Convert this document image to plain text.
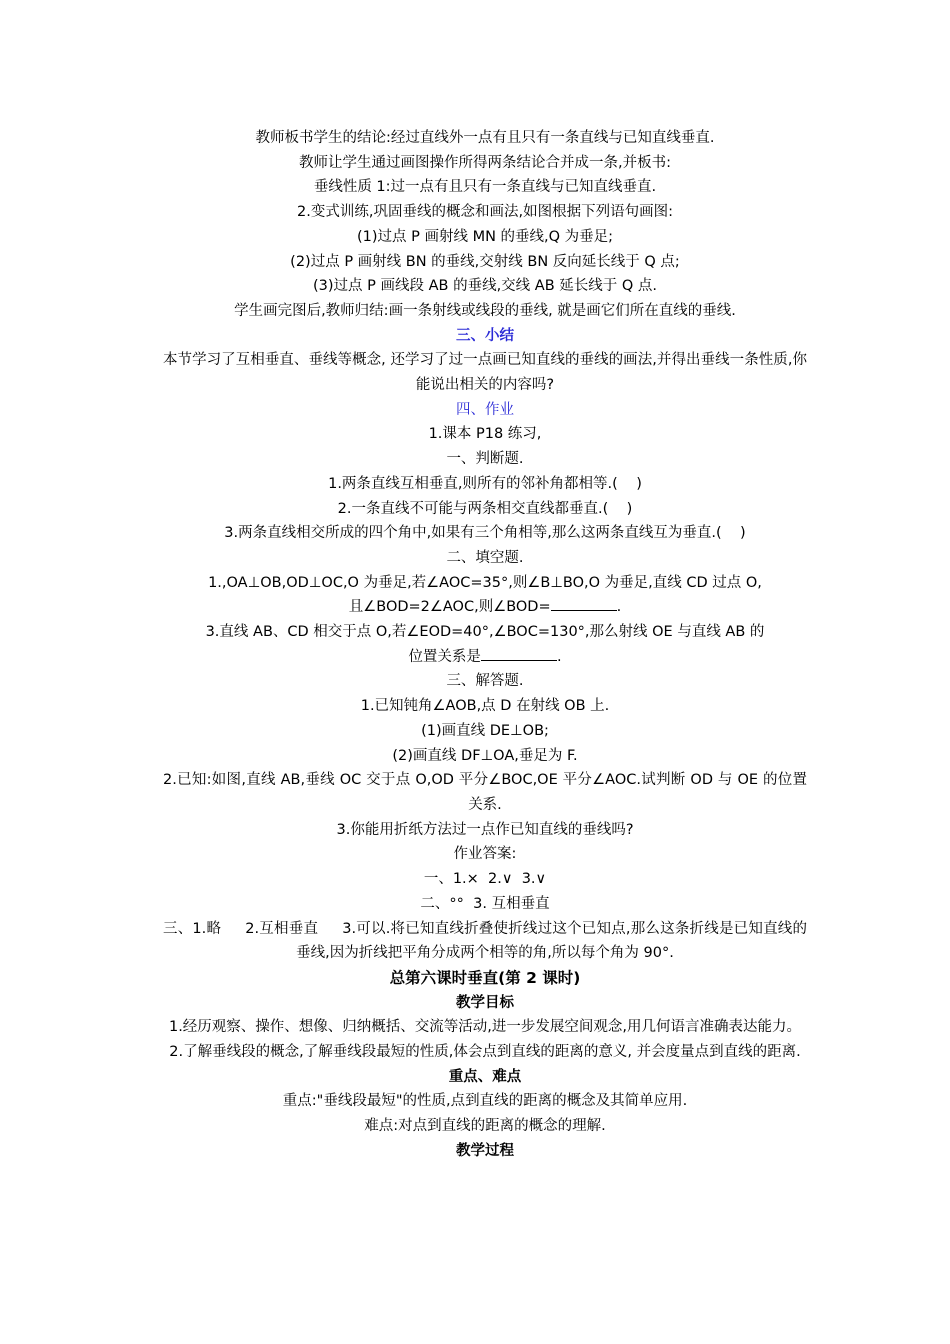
教师板书学生的结论:经过直线外一点有且只有一条直线与已知直线垂直.
教师让学生通过画图操作所得两条结论合并成一条,并板书:
垂线性质 1:过一点有且只有一条直线与已知直线垂直.
2.变式训练,巩固垂线的概念和画法,如图根据下列语句画图:
(1)过点 P 画射线 MN 的垂线,Q 为垂足;
(2)过点 P 画射线 BN 的垂线,交射线 BN 反向延长线于 Q 点;
(3)过点 P 画线段 AB 的垂线,交线 AB 延长线于 Q 点.
学生画完图后,教师归结:画一条射线或线段的垂线, 就是画它们所在直线的垂线.
三、小结
本节学习了互相垂直、垂线等概念, 还学习了过一点画已知直线的垂线的画法,并得出垂线一条性质,你能说出相关的内容吗?
四、作业
1.课本 P18 练习,
一、判断题.
1.两条直线互相垂直,则所有的邻补角都相等.(    )
2.一条直线不可能与两条相交直线都垂直.(    )
3.两条直线相交所成的四个角中,如果有三个角相等,那么这两条直线互为垂直.(    )
二、填空题.
1.,OA⊥OB,OD⊥OC,O 为垂足,若∠AOC=35°,则∠B⊥BO,O 为垂足,直线 CD 过点 O,
且∠BOD=2∠AOC,则∠BOD=	.
3.直线 AB、CD 相交于点 O,若∠EOD=40°,∠BOC=130°,那么射线 OE 与直线 AB 的
位置关系是	.
三、解答题.
1.已知钝角∠AOB,点 D 在射线 OB 上.
(1)画直线 DE⊥OB;
(2)画直线 DF⊥OA,垂足为 F.
2.已知:如图,直线 AB,垂线 OC 交于点 O,OD 平分∠BOC,OE 平分∠AOC.试判断 OD 与 OE 的位置关系.
3.你能用折纸方法过一点作已知直线的垂线吗?
作业答案:
一、1.×  2.∨  3.∨
二、°°  3. 互相垂直
三、1.略     2.互相垂直     3.可以.将已知直线折叠使折线过这个已知点,那么这条折线是已知直线的垂线,因为折线把平角分成两个相等的角,所以每个角为 90°.
总第六课时垂直(第 2 课时)
教学目标
1.经历观察、操作、想像、归纳概括、交流等活动,进一步发展空间观念,用几何语言准确表达能力。
2.了解垂线段的概念,了解垂线段最短的性质,体会点到直线的距离的意义, 并会度量点到直线的距离.
重点、难点
重点:"垂线段最短"的性质,点到直线的距离的概念及其简单应用.
难点:对点到直线的距离的概念的理解.
教学过程
